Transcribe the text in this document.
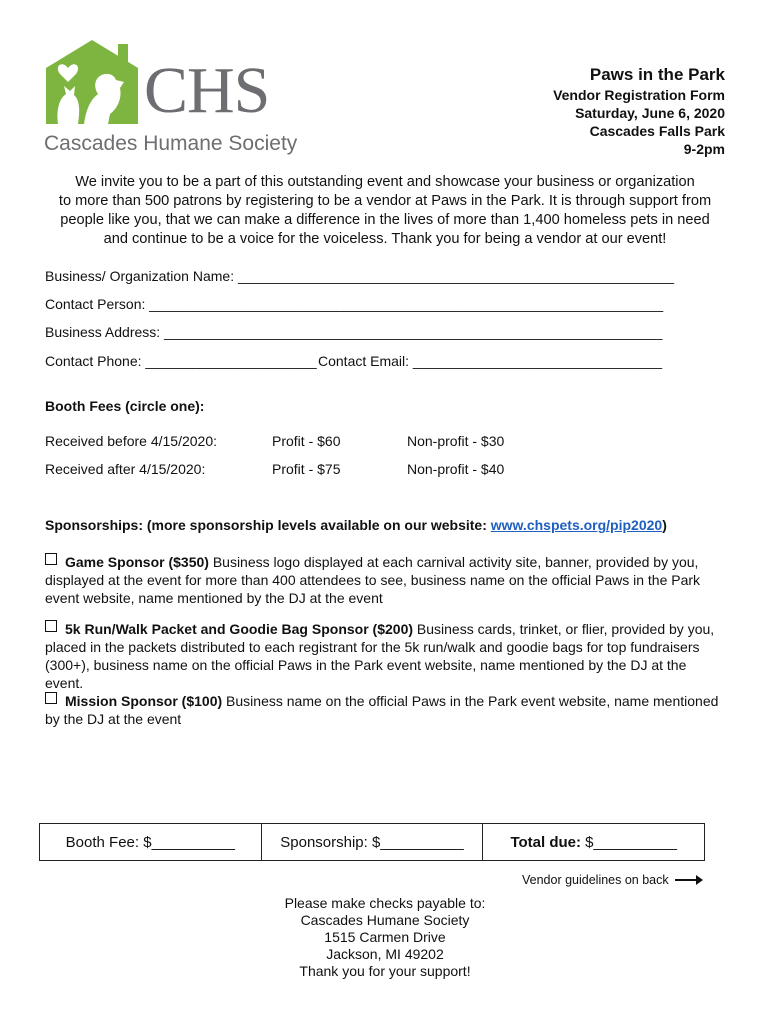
CHS
Cascades Humane Society
Paws in the Park
Vendor Registration Form
Saturday, June 6, 2020
Cascades Falls Park
9-2pm
We invite you to be a part of this outstanding event and showcase your business or organization
to more than 500 patrons by registering to be a vendor at Paws in the Park. It is through support from
people like you, that we can make a difference in the lives of more than 1,400 homeless pets in need
and continue to be a voice for the voiceless. Thank you for being a vendor at our event!
Business/ Organization Name: ________________________________________________________
Contact Person: __________________________________________________________________
Business Address: ________________________________________________________________
Contact Phone: ______________________ Contact Email: ________________________________
Booth Fees (circle one):
Received before 4/15/2020:	Profit - $60	Non-profit - $30
Received after 4/15/2020:	Profit - $75	Non-profit - $40
Sponsorships: (more sponsorship levels available on our website: www.chspets.org/pip2020)
Game Sponsor ($350) Business logo displayed at each carnival activity site, banner, provided by you,
displayed at the event for more than 400 attendees to see, business name on the official Paws in the Park
event website, name mentioned by the DJ at the event
5k Run/Walk Packet and Goodie Bag Sponsor ($200) Business cards, trinket, or flier, provided by you,
placed in the packets distributed to each registrant for the 5k run/walk and goodie bags for top fundraisers
(300+), business name on the official Paws in the Park event website, name mentioned by the DJ at the event.
Mission Sponsor ($100) Business name on the official Paws in the Park event website, name mentioned
by the DJ at the event
Booth Fee: $__________	Sponsorship: $__________	Total due: $__________
Vendor guidelines on back
Please make checks payable to:
Cascades Humane Society
1515 Carmen Drive
Jackson, MI 49202
Thank you for your support!
